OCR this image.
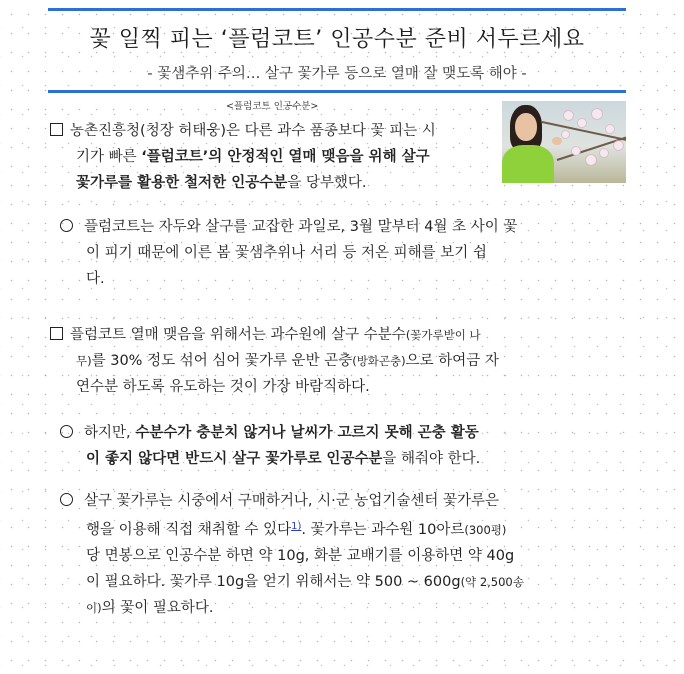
꽃 일찍 피는 ‘플럼코트’ 인공수분 준비 서두르세요
- 꽃샘추위 주의… 살구 꽃가루 등으로 열매 잘 맺도록 해야 -
<플럼코트 인공수분>
농촌진흥청(청장 허태웅)은 다른 과수 품종보다 꽃 피는 시
기가 빠른 ‘플럼코트’의 안정적인 열매 맺음을 위해 살구
꽃가루를 활용한 철저한 인공수분을 당부했다.
플럼코트는 자두와 살구를 교잡한 과일로, 3월 말부터 4월 초 사이 꽃
이 피기 때문에 이른 봄 꽃샘추위나 서리 등 저온 피해를 보기 쉽
다.
플럼코트 열매 맺음을 위해서는 과수원에 살구 수분수(꽃가루받이 나
무)를 30% 정도 섞어 심어 꽃가루 운반 곤충(방화곤충)으로 하여금 자
연수분 하도록 유도하는 것이 가장 바람직하다.
하지만, 수분수가 충분치 않거나 날씨가 고르지 못해 곤충 활동
이 좋지 않다면 반드시 살구 꽃가루로 인공수분을 해줘야 한다.
살구 꽃가루는 시중에서 구매하거나, 시·군 농업기술센터 꽃가루은
행을 이용해 직접 채취할 수 있다$^{1)}$. 꽃가루는 과수원 10아르(300평)
당 면봉으로 인공수분 하면 약 10g, 화분 교배기를 이용하면 약 40g
이 필요하다. 꽃가루 10g을 얻기 위해서는 약 500 ~ 600g(약 2,500송
이)의 꽃이 필요하다.
